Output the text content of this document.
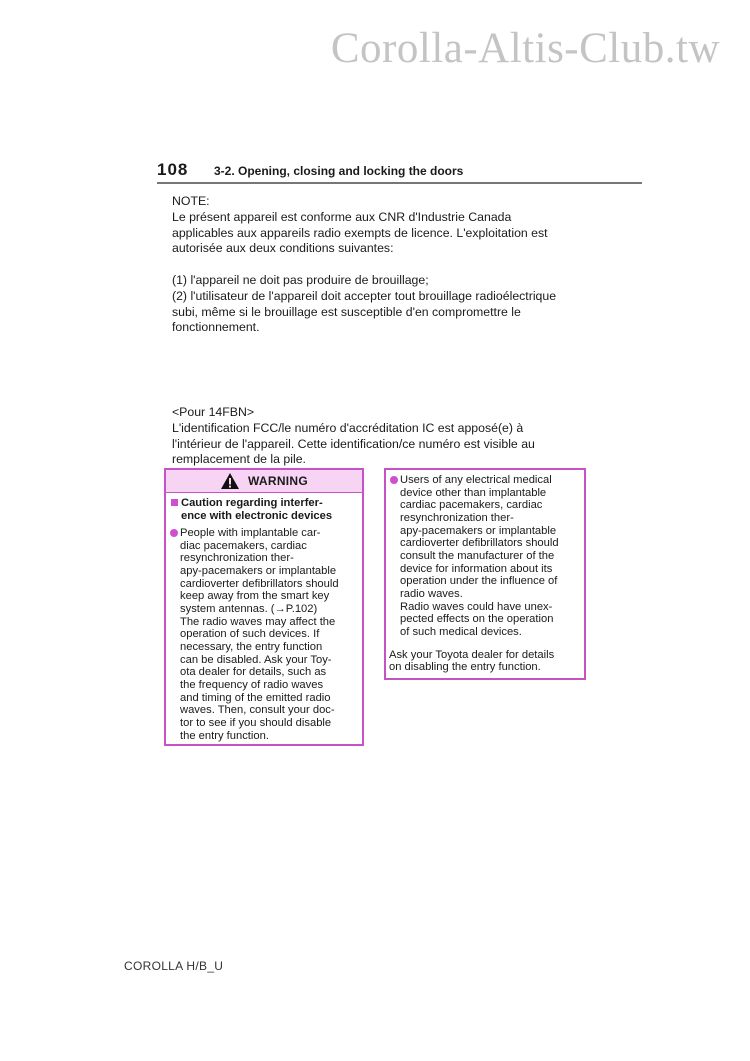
Corolla-Altis-Club.tw
108 3-2. Opening, closing and locking the doors
NOTE:
Le présent appareil est conforme aux CNR d'Industrie Canada
applicables aux appareils radio exempts de licence. L'exploitation est
autorisée aux deux conditions suivantes:
(1) l'appareil ne doit pas produire de brouillage;
(2) l'utilisateur de l'appareil doit accepter tout brouillage radioélectrique
subi, même si le brouillage est susceptible d'en compromettre le
fonctionnement.
<Pour 14FBN>
L'identification FCC/le numéro d'accréditation IC est apposé(e) à
l'intérieur de l'appareil. Cette identification/ce numéro est visible au
remplacement de la pile.
WARNING
Caution regarding interfer-
ence with electronic devices
People with implantable car-
diac pacemakers, cardiac
resynchronization ther-
apy-pacemakers or implantable
cardioverter defibrillators should
keep away from the smart key
system antennas. (→P.102)
The radio waves may affect the
operation of such devices. If
necessary, the entry function
can be disabled. Ask your Toy-
ota dealer for details, such as
the frequency of radio waves
and timing of the emitted radio
waves. Then, consult your doc-
tor to see if you should disable
the entry function.
Users of any electrical medical
device other than implantable
cardiac pacemakers, cardiac
resynchronization ther-
apy-pacemakers or implantable
cardioverter defibrillators should
consult the manufacturer of the
device for information about its
operation under the influence of
radio waves.
Radio waves could have unex-
pected effects on the operation
of such medical devices.
Ask your Toyota dealer for details
on disabling the entry function.
COROLLA H/B_U
